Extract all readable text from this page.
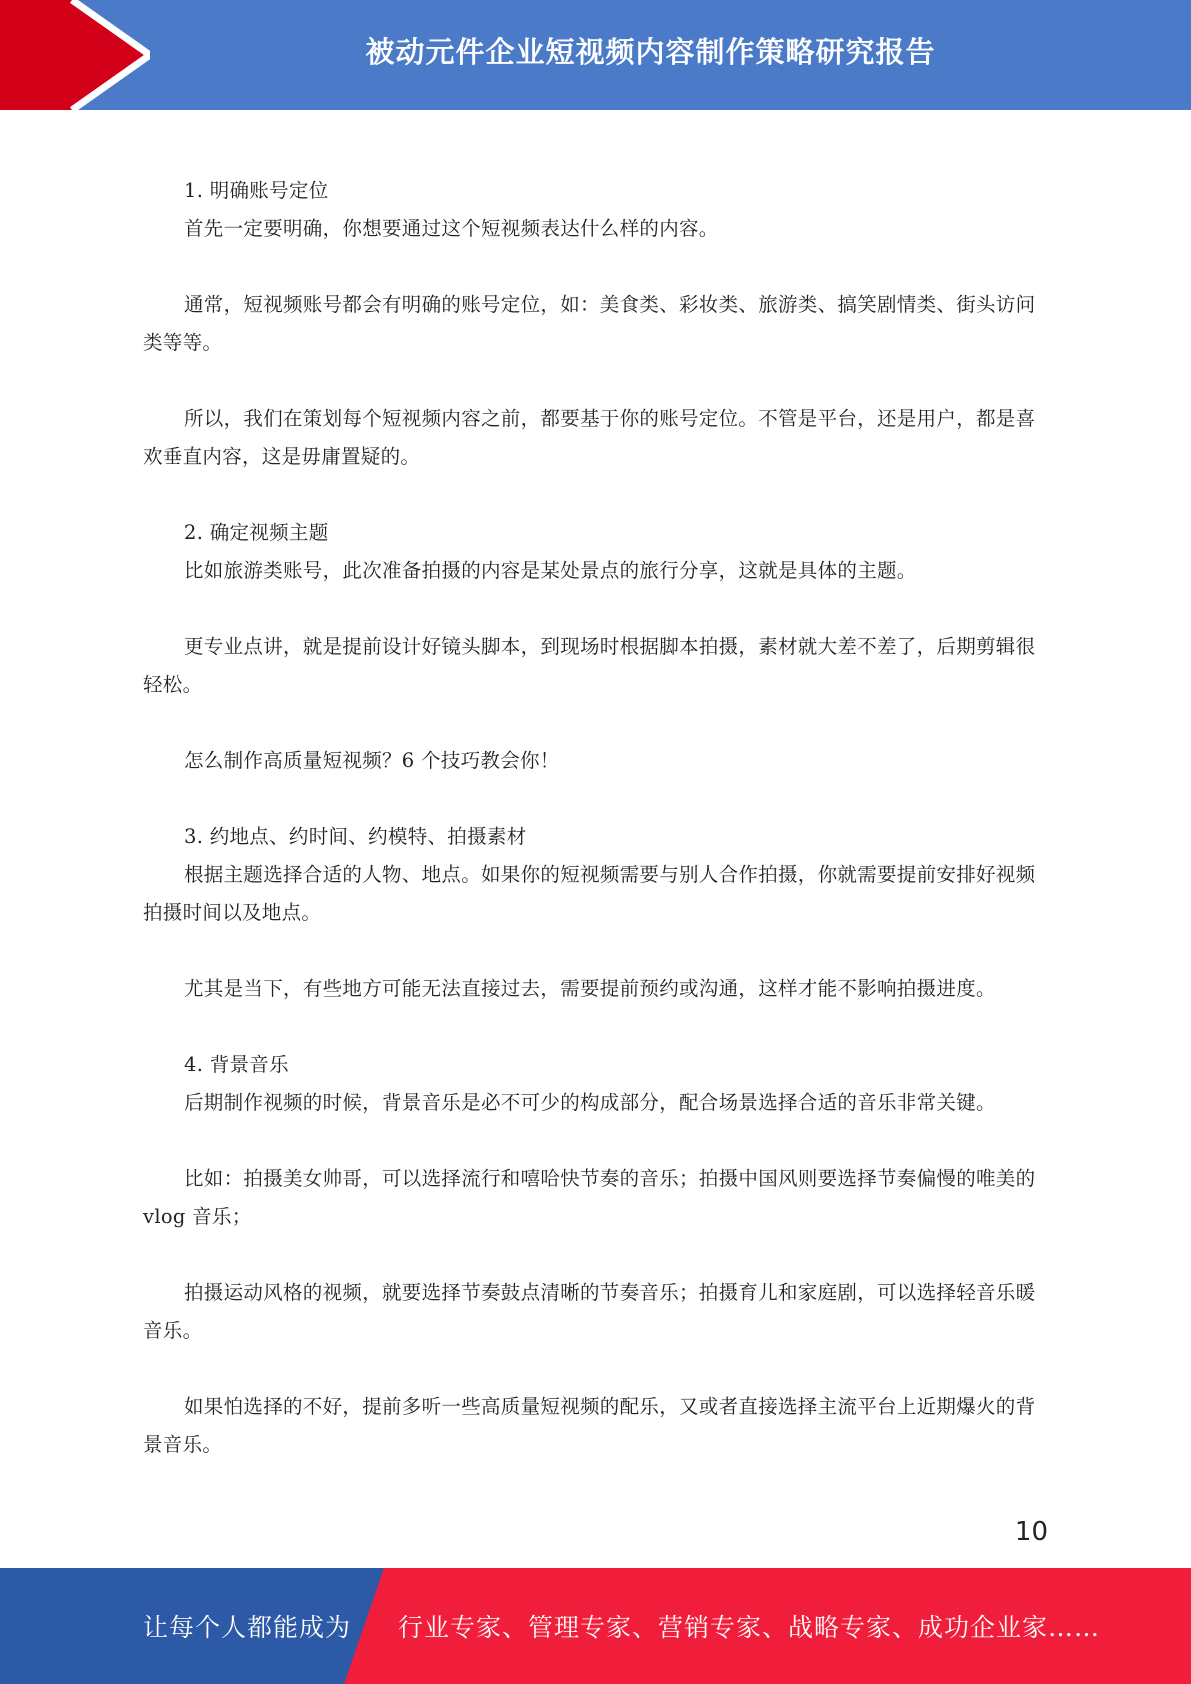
被动元件企业短视频内容制作策略研究报告

1. 明确账号定位

首先一定要明确，你想要通过这个短视频表达什么样的内容。

通常，短视频账号都会有明确的账号定位，如：美食类、彩妆类、旅游类、搞笑剧情类、街头访问类等等。

所以，我们在策划每个短视频内容之前，都要基于你的账号定位。不管是平台，还是用户，都是喜欢垂直内容，这是毋庸置疑的。

2. 确定视频主题

比如旅游类账号，此次准备拍摄的内容是某处景点的旅行分享，这就是具体的主题。

更专业点讲，就是提前设计好镜头脚本，到现场时根据脚本拍摄，素材就大差不差了，后期剪辑很轻松。

怎么制作高质量短视频？6 个技巧教会你！

3. 约地点、约时间、约模特、拍摄素材

根据主题选择合适的人物、地点。如果你的短视频需要与别人合作拍摄，你就需要提前安排好视频拍摄时间以及地点。

尤其是当下，有些地方可能无法直接过去，需要提前预约或沟通，这样才能不影响拍摄进度。

4. 背景音乐

后期制作视频的时候，背景音乐是必不可少的构成部分，配合场景选择合适的音乐非常关键。

比如：拍摄美女帅哥，可以选择流行和嘻哈快节奏的音乐；拍摄中国风则要选择节奏偏慢的唯美的 vlog 音乐；

拍摄运动风格的视频，就要选择节奏鼓点清晰的节奏音乐；拍摄育儿和家庭剧，可以选择轻音乐暖音乐。

如果怕选择的不好，提前多听一些高质量短视频的配乐，又或者直接选择主流平台上近期爆火的背景音乐。

10
让每个人都能成为 行业专家、管理专家、营销专家、战略专家、成功企业家……
